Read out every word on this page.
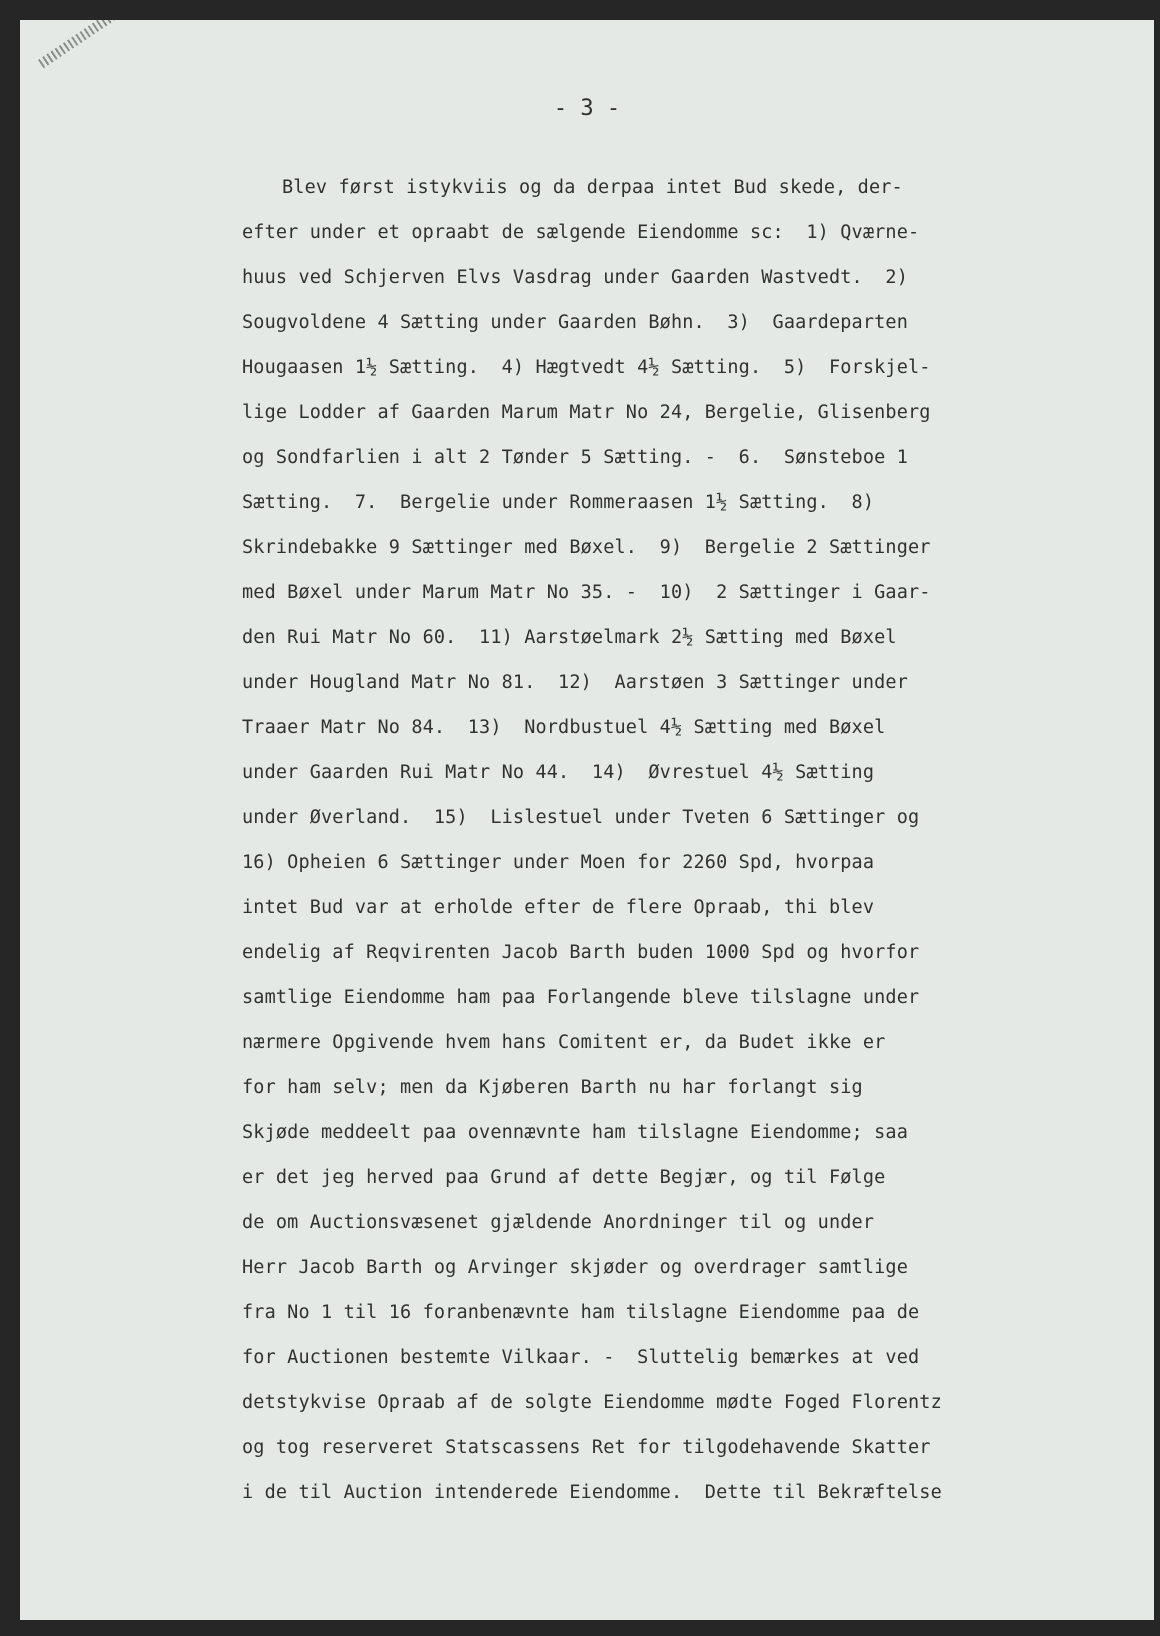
- 3 -
Blev først istykviis og da derpaa intet Bud skede, der-
efter under et opraabt de sælgende Eiendomme sc:  1) Qværne-
huus ved Schjerven Elvs Vasdrag under Gaarden Wastvedt.  2)
Sougvoldene 4 Sætting under Gaarden Bøhn.  3)  Gaardeparten
Hougaasen 1½ Sætting.  4) Hægtvedt 4½ Sætting.  5)  Forskjel-
lige Lodder af Gaarden Marum Matr No 24, Bergelie, Glisenberg
og Sondfarlien i alt 2 Tønder 5 Sætting. -  6.  Sønsteboe 1
Sætting.  7.  Bergelie under Rommeraasen 1½ Sætting.  8)
Skrindebakke 9 Sættinger med Bøxel.  9)  Bergelie 2 Sættinger
med Bøxel under Marum Matr No 35. -  10)  2 Sættinger i Gaar-
den Rui Matr No 60.  11) Aarstøelmark 2½ Sætting med Bøxel
under Hougland Matr No 81.  12)  Aarstøen 3 Sættinger under
Traaer Matr No 84.  13)  Nordbustuel 4½ Sætting med Bøxel
under Gaarden Rui Matr No 44.  14)  Øvrestuel 4½ Sætting
under Øverland.  15)  Lislestuel under Tveten 6 Sættinger og
16) Opheien 6 Sættinger under Moen for 2260 Spd, hvorpaa
intet Bud var at erholde efter de flere Opraab, thi blev
endelig af Reqvirenten Jacob Barth buden 1000 Spd og hvorfor
samtlige Eiendomme ham paa Forlangende bleve tilslagne under
nærmere Opgivende hvem hans Comitent er, da Budet ikke er
for ham selv; men da Kjøberen Barth nu har forlangt sig
Skjøde meddeelt paa ovennævnte ham tilslagne Eiendomme; saa
er det jeg herved paa Grund af dette Begjær, og til Følge
de om Auctionsvæsenet gjældende Anordninger til og under
Herr Jacob Barth og Arvinger skjøder og overdrager samtlige
fra No 1 til 16 foranbenævnte ham tilslagne Eiendomme paa de
for Auctionen bestemte Vilkaar. -  Sluttelig bemærkes at ved
detstykvise Opraab af de solgte Eiendomme mødte Foged Florentz
og tog reserveret Statscassens Ret for tilgodehavende Skatter
i de til Auction intenderede Eiendomme.  Dette til Bekræftelse
